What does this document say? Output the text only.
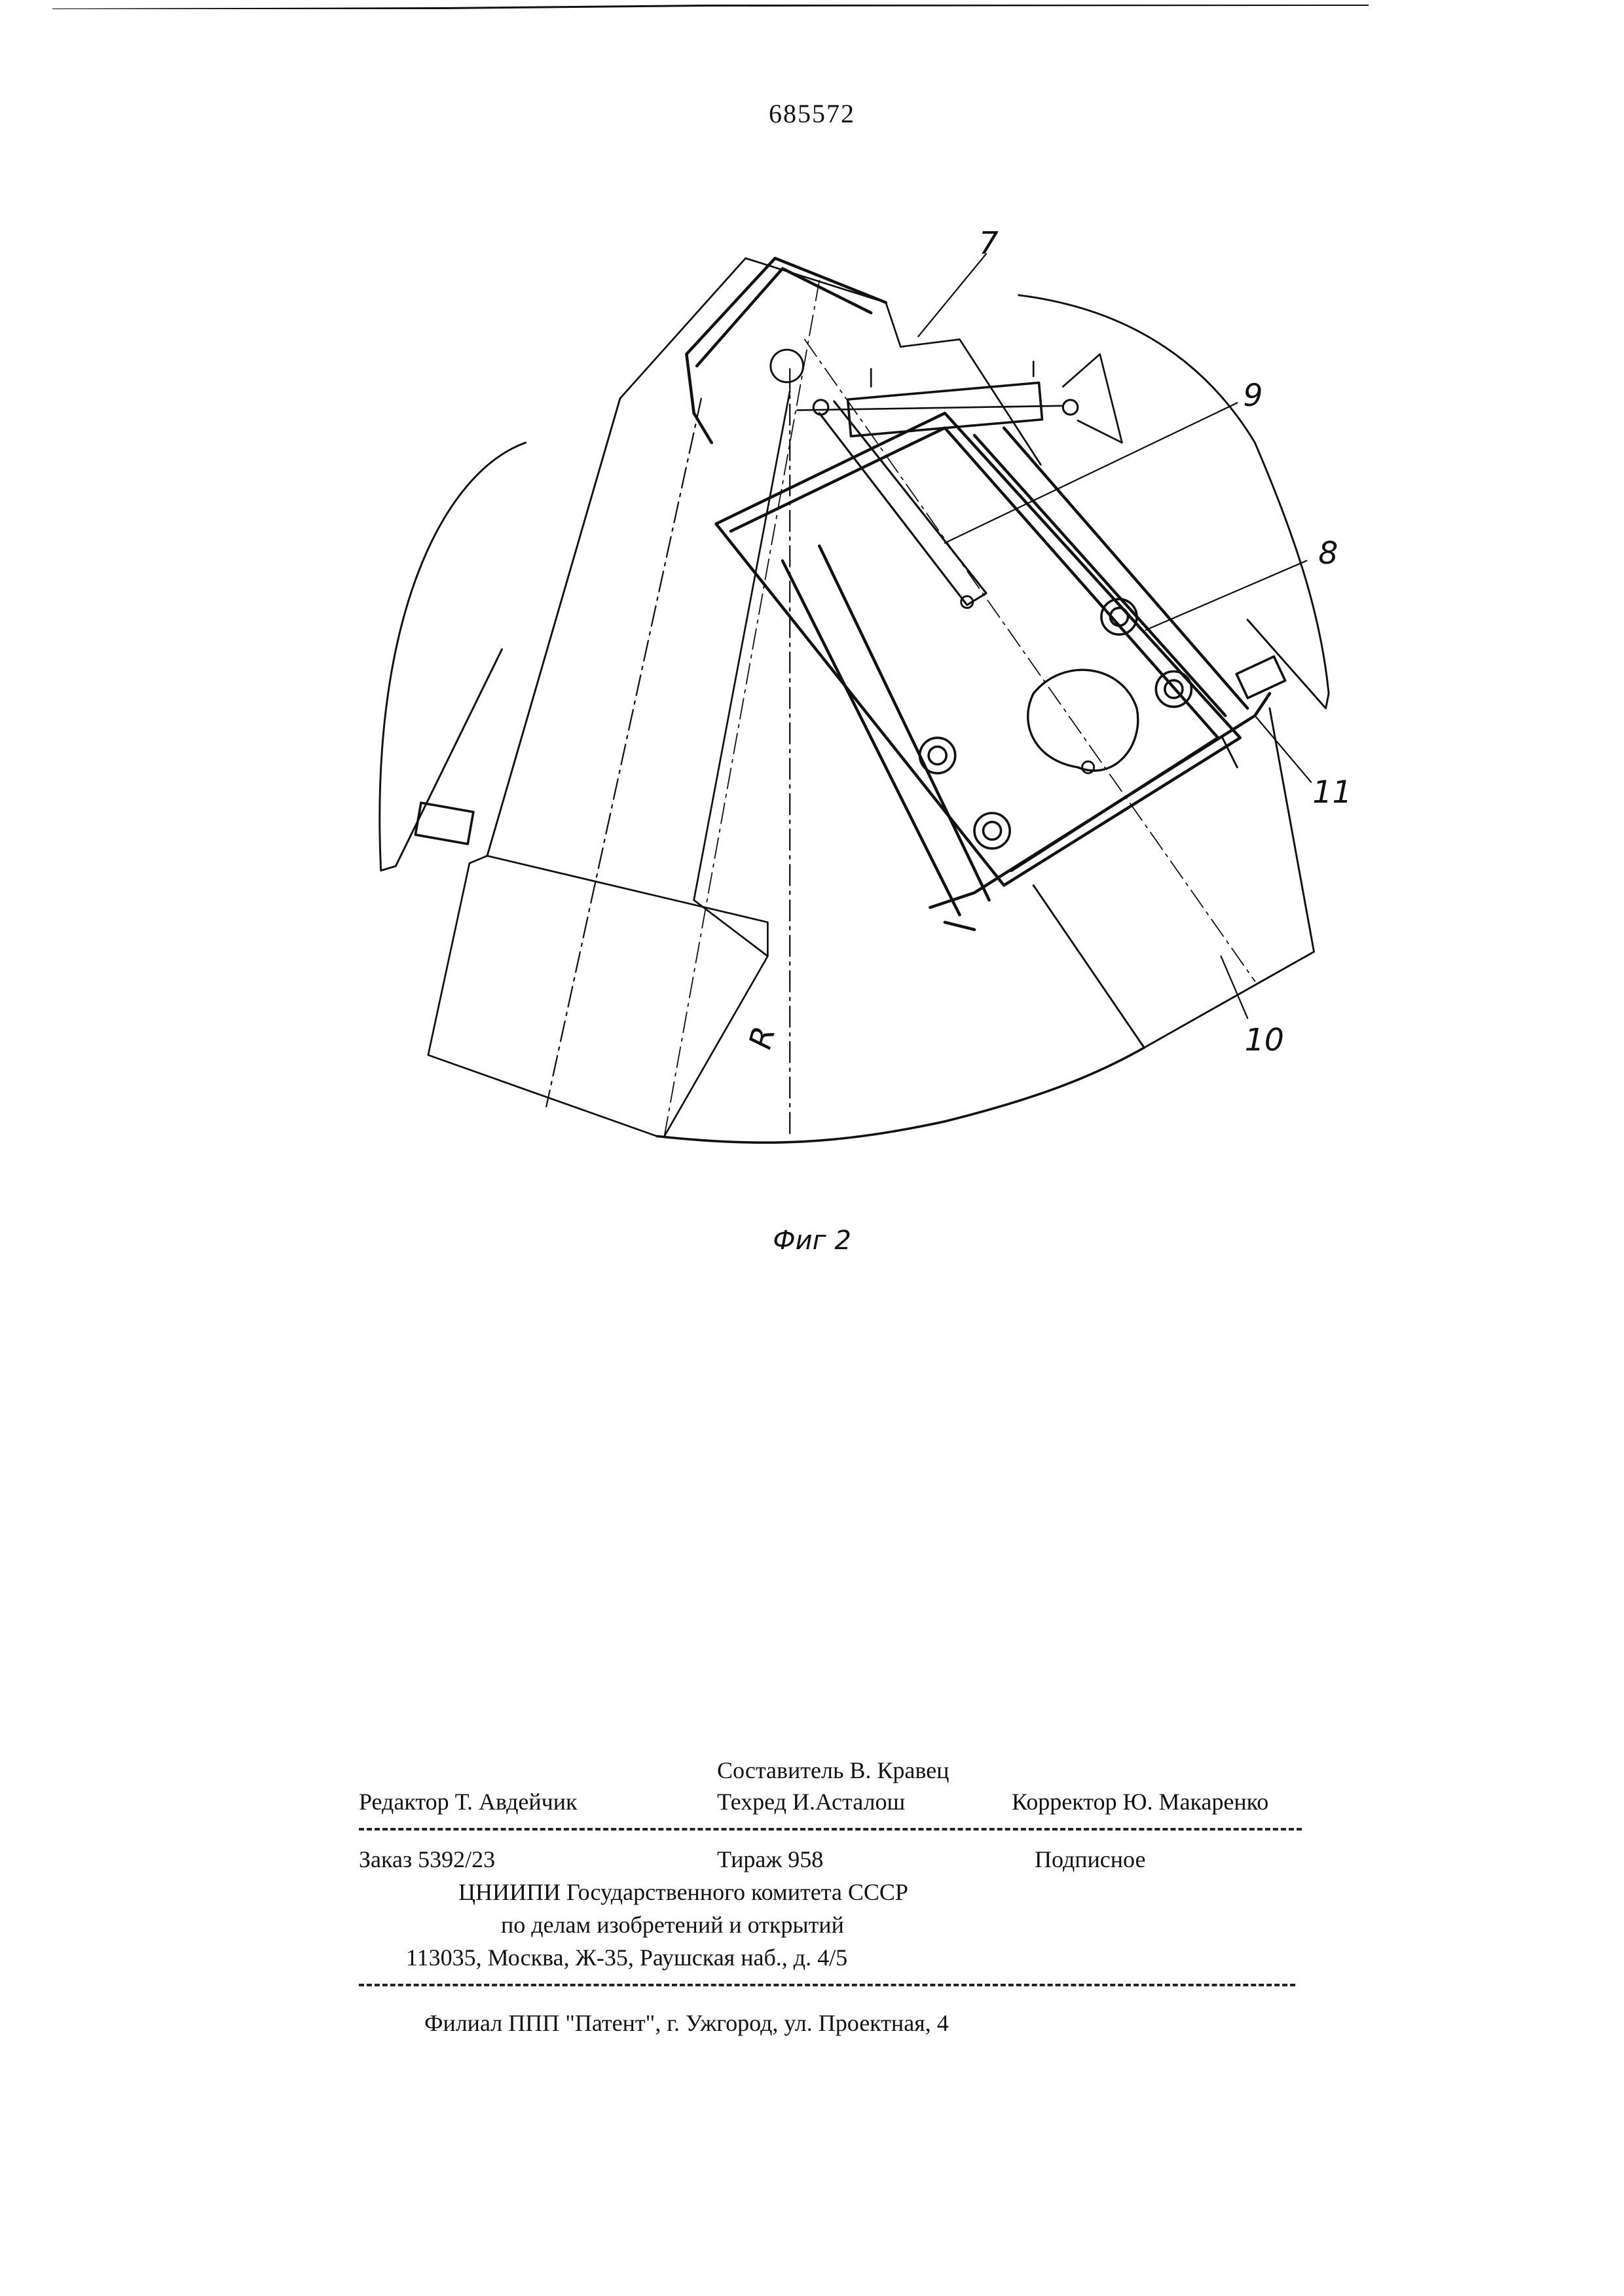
685572
7
9
8
11
10
R
Фиг 2
Составитель В. Кравец
Редактор Т. Авдейчик	Техред И.Асталош	Корректор Ю. Макаренко
Заказ 5392/23	Тираж 958	Подписное
ЦНИИПИ Государственного комитета СССР
по делам изобретений и открытий
113035, Москва, Ж-35, Раушская наб., д. 4/5
Филиал ППП "Патент", г. Ужгород, ул. Проектная, 4
